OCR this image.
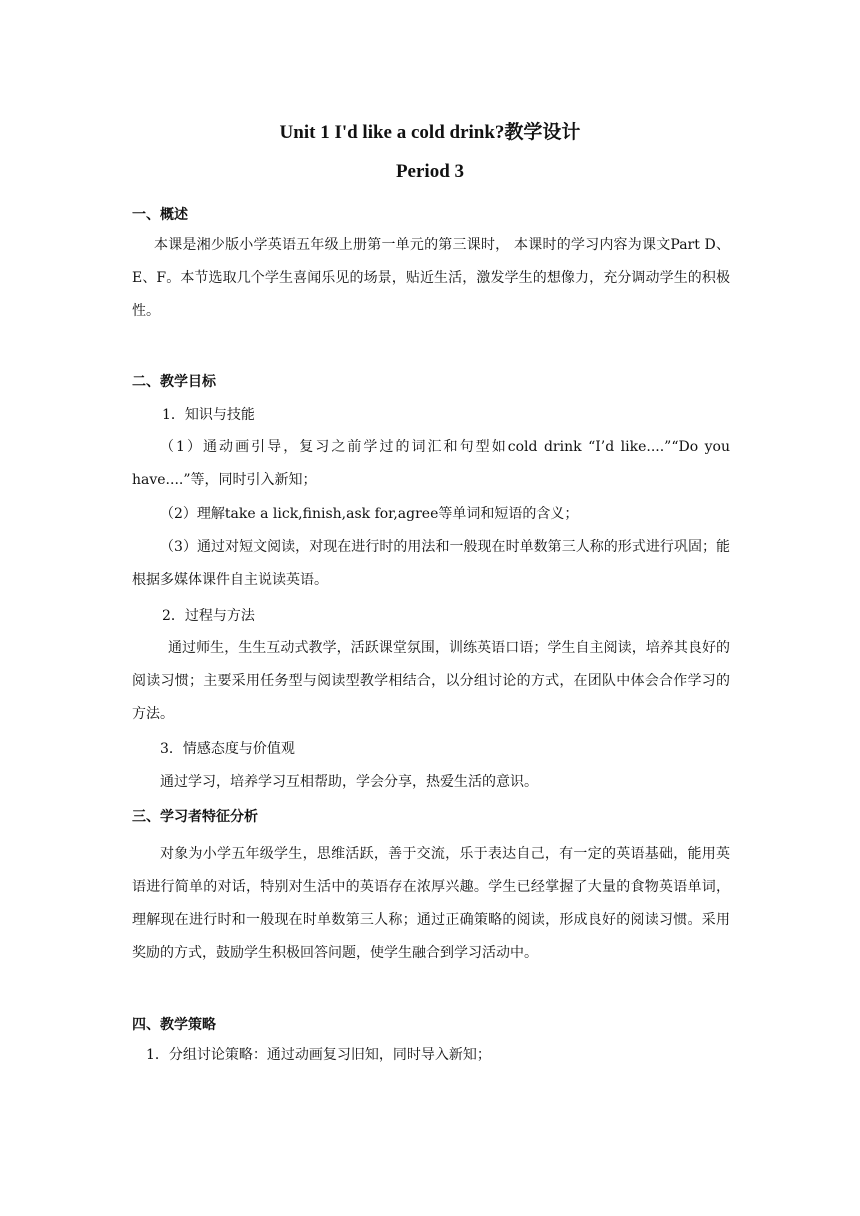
Unit 1 I'd like a cold drink?教学设计
Period 3
一、概述
本课是湘少版小学英语五年级上册第一单元的第三课时， 本课时的学习内容为课文Part D、E、F。本节选取几个学生喜闻乐见的场景，贴近生活，激发学生的想像力，充分调动学生的积极性。
二、教学目标
1．知识与技能
（1）通动画引导，复习之前学过的词汇和句型如cold drink “I’d like....”“Do you have....”等，同时引入新知；
（2）理解take a lick,finish,ask for,agree等单词和短语的含义；
（3）通过对短文阅读，对现在进行时的用法和一般现在时单数第三人称的形式进行巩固；能根据多媒体课件自主说读英语。
2．过程与方法
通过师生，生生互动式教学，活跃课堂氛围，训练英语口语；学生自主阅读，培养其良好的阅读习惯；主要采用任务型与阅读型教学相结合，以分组讨论的方式，在团队中体会合作学习的方法。
3．情感态度与价值观
通过学习，培养学习互相帮助，学会分享，热爱生活的意识。
三、学习者特征分析
对象为小学五年级学生，思维活跃，善于交流，乐于表达自己，有一定的英语基础，能用英语进行简单的对话，特别对生活中的英语存在浓厚兴趣。学生已经掌握了大量的食物英语单词，理解现在进行时和一般现在时单数第三人称；通过正确策略的阅读，形成良好的阅读习惯。采用奖励的方式，鼓励学生积极回答问题，使学生融合到学习活动中。
四、教学策略
1．分组讨论策略：通过动画复习旧知，同时导入新知；
